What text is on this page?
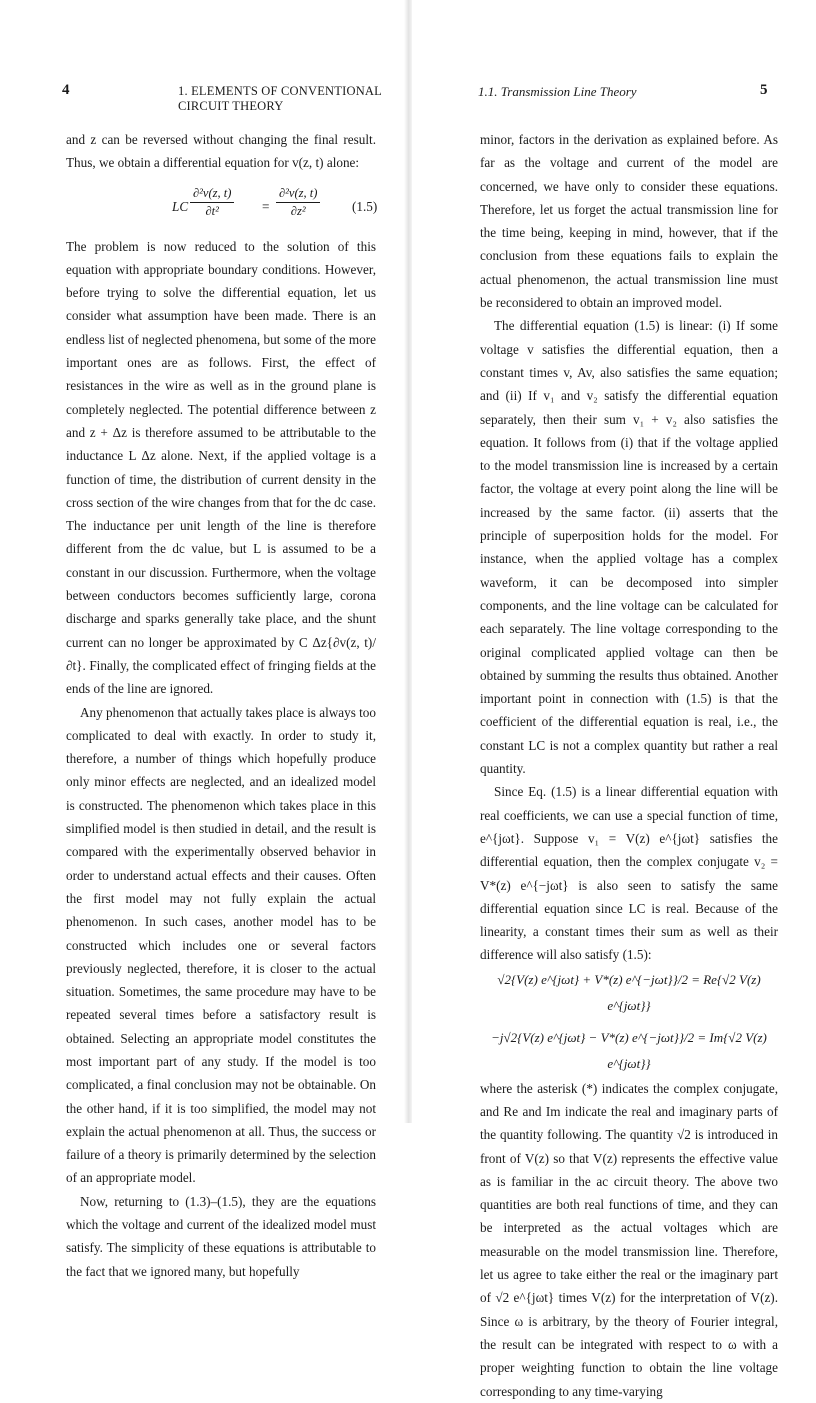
4	1. ELEMENTS OF CONVENTIONAL CIRCUIT THEORY

and z can be reversed without changing the final result. Thus, we obtain a differential equation for v(z, t) alone:

LC $\frac{\text{∂²v(z, t)}}{\text{∂t²}} = \frac{\text{∂²v(z, t)}}{\text{∂z²}} (1.5)$

The problem is now reduced to the solution of this equation with appropriate boundary conditions. However, before trying to solve the differential equation, let us consider what assumption have been made. There is an endless list of neglected phenomena, but some of the more important ones are as follows. First, the effect of resistances in the wire as well as in the ground plane is completely neglected. The potential difference between z and z + Δz is therefore assumed to be attributable to the inductance L Δz alone. Next, if the applied voltage is a function of time, the distribution of current density in the cross section of the wire changes from that for the dc case. The inductance per unit length of the line is therefore different from the dc value, but L is assumed to be a constant in our discussion. Furthermore, when the voltage between conductors becomes sufficiently large, corona discharge and sparks generally take place, and the shunt current can no longer be approximated by C Δz{∂v(z, t)/∂t}. Finally, the complicated effect of fringing fields at the ends of the line are ignored.

Any phenomenon that actually takes place is always too complicated to deal with exactly. In order to study it, therefore, a number of things which hopefully produce only minor effects are neglected, and an idealized model is constructed. The phenomenon which takes place in this simplified model is then studied in detail, and the result is compared with the experimentally observed behavior in order to understand actual effects and their causes. Often the first model may not fully explain the actual phenomenon. In such cases, another model has to be constructed which includes one or several factors previously neglected, therefore, it is closer to the actual situation. Sometimes, the same procedure may have to be repeated several times before a satisfactory result is obtained. Selecting an appropriate model constitutes the most important part of any study. If the model is too complicated, a final conclusion may not be obtainable. On the other hand, if it is too simplified, the model may not explain the actual phenomenon at all. Thus, the success or failure of a theory is primarily determined by the selection of an appropriate model.

Now, returning to (1.3)–(1.5), they are the equations which the voltage and current of the idealized model must satisfy. The simplicity of these equations is attributable to the fact that we ignored many, but hopefully

1.1. Transmission Line Theory	5

minor, factors in the derivation as explained before. As far as the voltage and current of the model are concerned, we have only to consider these equations. Therefore, let us forget the actual transmission line for the time being, keeping in mind, however, that if the conclusion from these equations fails to explain the actual phenomenon, the actual transmission line must be reconsidered to obtain an improved model.

The differential equation (1.5) is linear: (i) If some voltage v satisfies the differential equation, then a constant times v, Av, also satisfies the same equation; and (ii) If v₁ and v₂ satisfy the differential equation separately, then their sum v₁ + v₂ also satisfies the equation. It follows from (i) that if the voltage applied to the model transmission line is increased by a certain factor, the voltage at every point along the line will be increased by the same factor. (ii) asserts that the principle of superposition holds for the model. For instance, when the applied voltage has a complex waveform, it can be decomposed into simpler components, and the line voltage can be calculated for each separately. The line voltage corresponding to the original complicated applied voltage can then be obtained by summing the results thus obtained. Another important point in connection with (1.5) is that the coefficient of the differential equation is real, i.e., the constant LC is not a complex quantity but rather a real quantity.

Since Eq. (1.5) is a linear differential equation with real coefficients, we can use a special function of time, e^{jωt}. Suppose v₁ = V(z) e^{jωt} satisfies the differential equation, then the complex conjugate v₂ = V*(z) e^{−jωt} is also seen to satisfy the same differential equation since LC is real. Because of the linearity, a constant times their sum as well as their difference will also satisfy (1.5):

√2{V(z) e^{jωt} + V*(z) e^{−jωt}}/2 = Re{√2 V(z) e^{jωt}}
−j√2{V(z) e^{jωt} − V*(z) e^{−jωt}}/2 = Im{√2 V(z) e^{jωt}}

where the asterisk (*) indicates the complex conjugate, and Re and Im indicate the real and imaginary parts of the quantity following. The quantity √2 is introduced in front of V(z) so that V(z) represents the effective value as is familiar in the ac circuit theory. The above two quantities are both real functions of time, and they can be interpreted as the actual voltages which are measurable on the model transmission line. Therefore, let us agree to take either the real or the imaginary part of √2 e^{jωt} times V(z) for the interpretation of V(z). Since ω is arbitrary, by the theory of Fourier integral, the result can be integrated with respect to ω with a proper weighting function to obtain the line voltage corresponding to any time-varying
